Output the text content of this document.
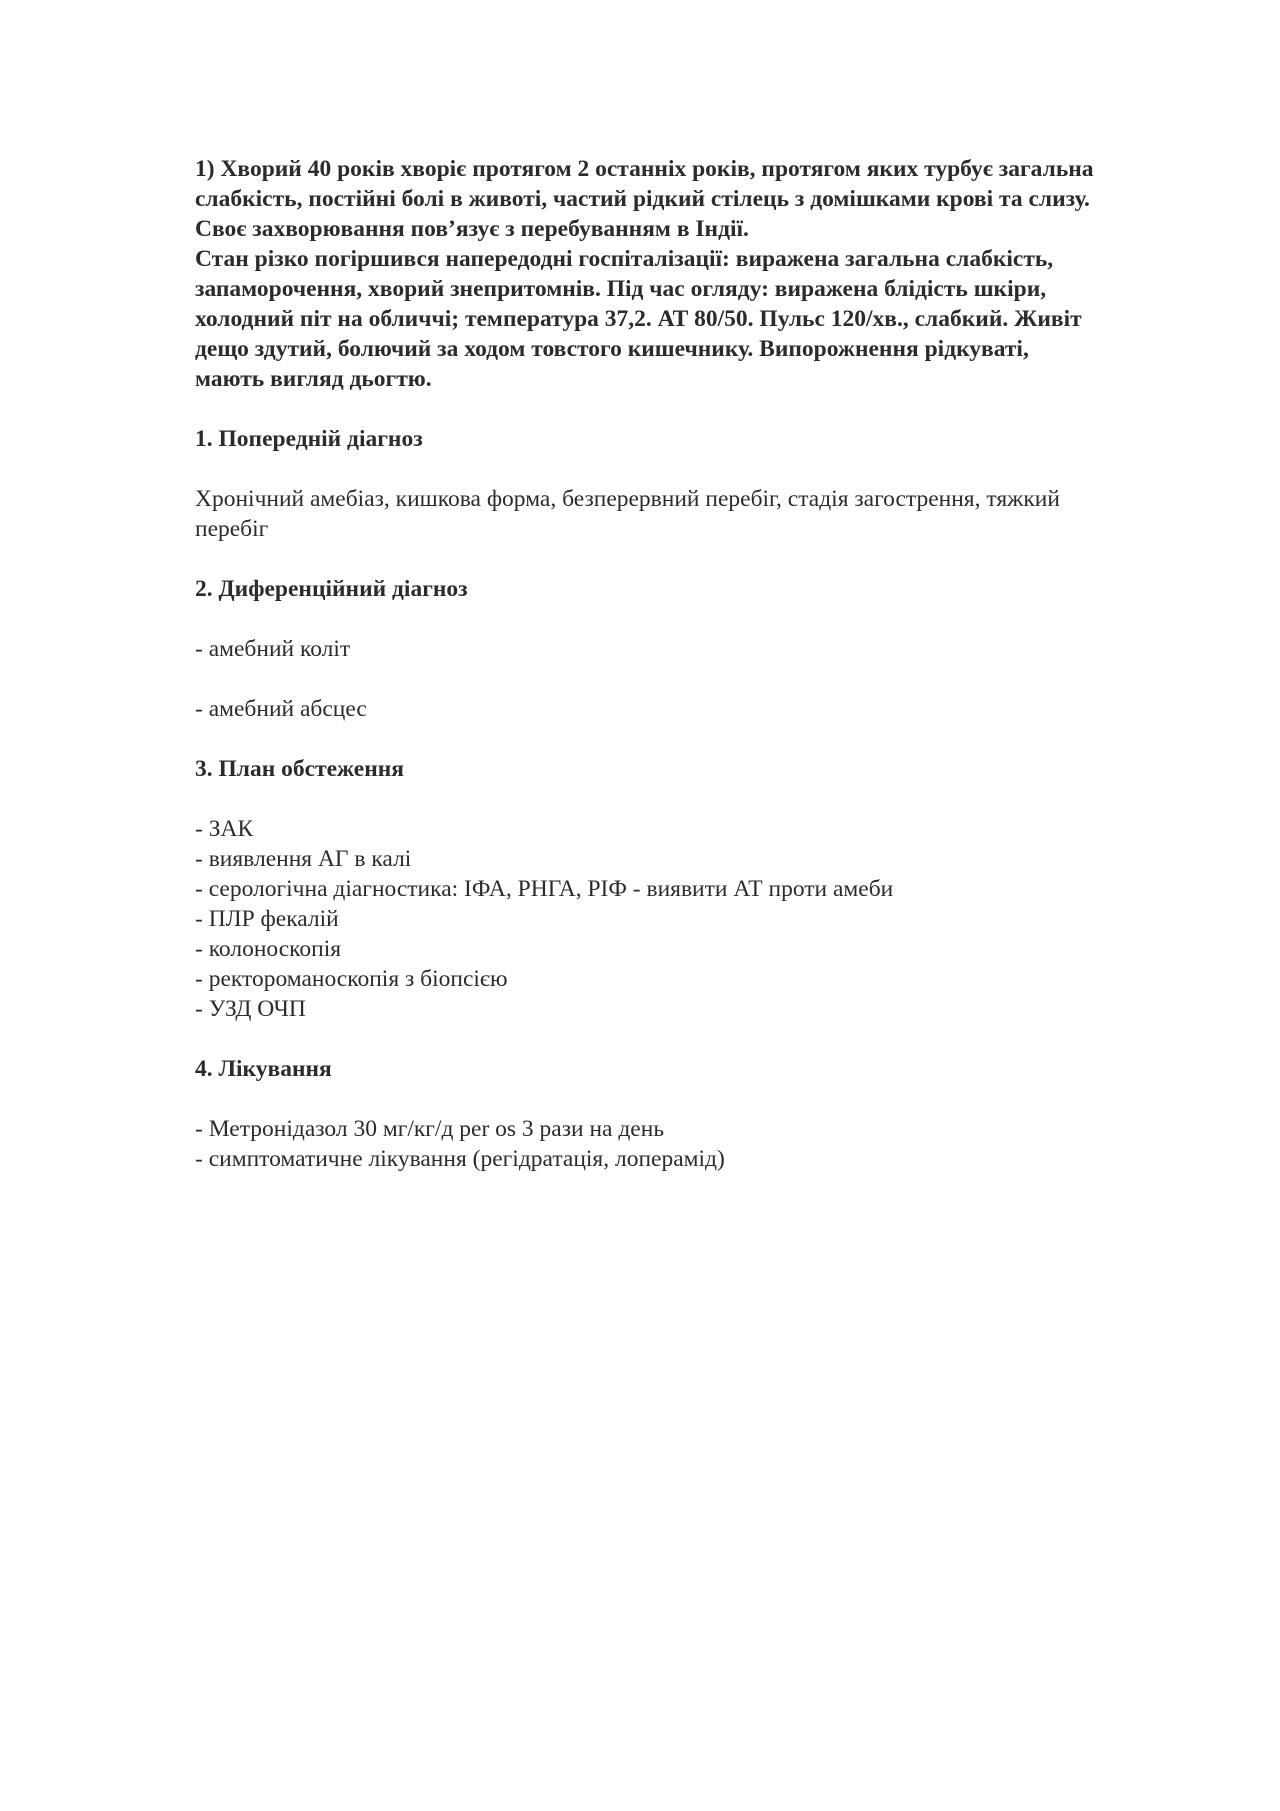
1) Хворий 40 років хворіє протягом 2 останніх років, протягом яких турбує загальна слабкість, постійні болі в животі, частий рідкий стілець з домішками крові та слизу. Своє захворювання пов’язує з перебуванням в Індії.

Стан різко погіршився напередодні госпіталізації: виражена загальна слабкість, запаморочення, хворий знепритомнів. Під час огляду: виражена блідість шкіри, холодний піт на обличчі; температура 37,2. АТ 80/50. Пульс 120/хв., слабкий. Живіт дещо здутий, болючий за ходом товстого кишечнику. Випорожнення рідкуваті, мають вигляд дьогтю.

1. Попередній діагноз
Хронічний амебіаз, кишкова форма, безперервний перебіг, стадія загострення, тяжкий перебіг
2. Диференційний діагноз
- амебний коліт
- амебний абсцес
3. План обстеження
- ЗАК
- виявлення АГ в калі
- серологічна діагностика: ІФА, РНГА, РІФ - виявити АТ проти амеби
- ПЛР фекалій
- колоноскопія
- ректороманоскопія з біопсією
- УЗД ОЧП
4. Лікування
- Метронідазол 30 мг/кг/д per os 3 рази на день
- симптоматичне лікування (регідратація, лоперамід)
